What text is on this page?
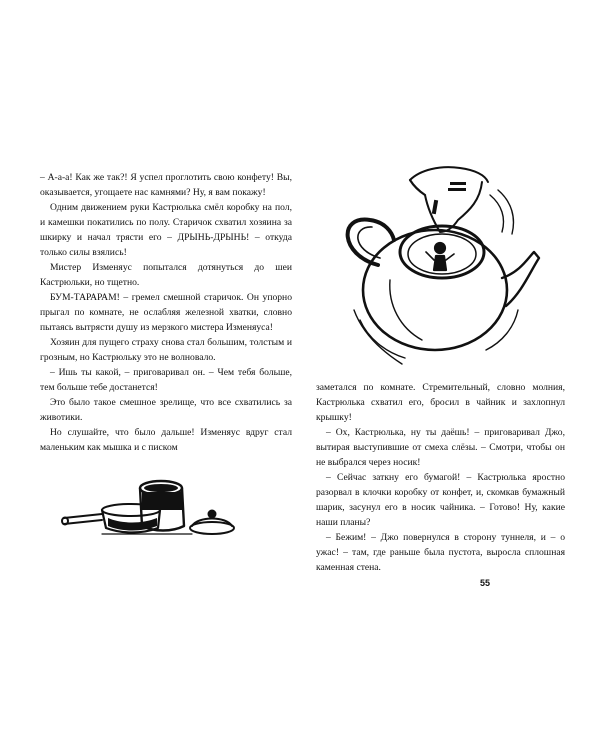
– А-а-а! Как же так?! Я успел проглотить свою конфету! Вы, оказывается, угощаете нас камнями? Ну, я вам покажу!

Одним движением руки Кастрюлька смёл коробку на пол, и камешки покатились по полу. Старичок схватил хозяина за шкирку и начал трясти его – ДРЫНЬ-ДРЫНЬ! – откуда только силы взялись!

Мистер Изменяус попытался дотянуться до шеи Кастрюльки, но тщетно.

БУМ-ТАРАРАМ! – гремел смешной старичок. Он упорно прыгал по комнате, не ослабляя железной хватки, словно пытаясь вытрясти душу из мерзкого мистера Изменяуса!

Хозяин для пущего страху снова стал большим, толстым и грозным, но Кастрюльку это не волновало.

– Ишь ты какой, – приговаривал он. – Чем тебя больше, тем больше тебе достанется!

Это было такое смешное зрелище, что все схватились за животики.

Но слушайте, что было дальше! Изменяус вдруг стал маленьким как мышка и с писком

заметался по комнате. Стремительный, словно молния, Кастрюлька схватил его, бросил в чайник и захлопнул крышку!

– Ох, Кастрюлька, ну ты даёшь! – приговаривал Джо, вытирая выступившие от смеха слёзы. – Смотри, чтобы он не выбрался через носик!

– Сейчас заткну его бумагой! – Кастрюлька яростно разорвал в клочки коробку от конфет, и, скомкав бумажный шарик, засунул его в носик чайника. – Готово! Ну, какие наши планы?

– Бежим! – Джо повернулся в сторону туннеля, и – о ужас! – там, где раньше была пустота, выросла сплошная каменная стена.

55
